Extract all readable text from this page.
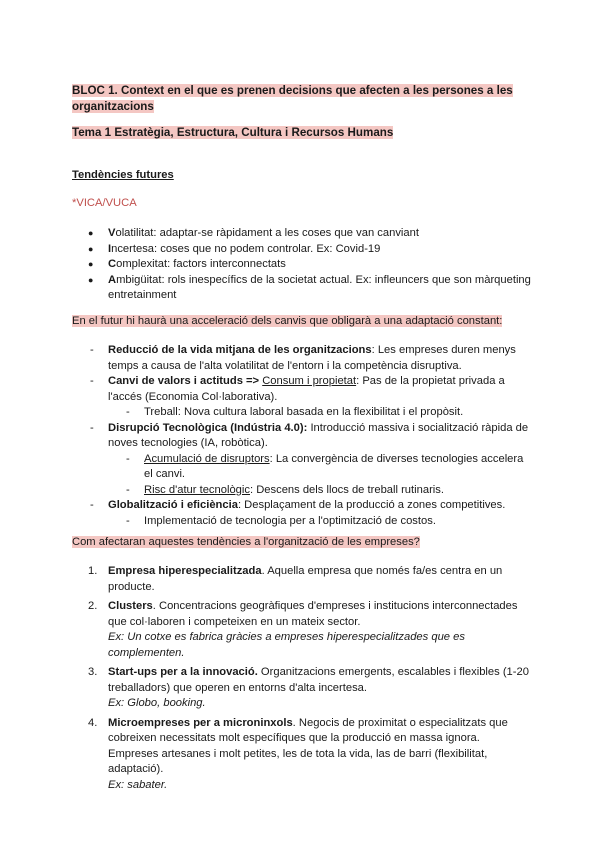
BLOC 1. Context en el que es prenen decisions que afecten a les persones a les
organitzacions
Tema 1 Estratègia, Estructura, Cultura i Recursos Humans
Tendències futures
*VICA/VUCA
● Volatilitat: adaptar-se ràpidament a les coses que van canviant
● Incertesa: coses que no podem controlar. Ex: Covid-19
● Complexitat: factors interconnectats
● Ambigüitat: rols inespecífics de la societat actual. Ex: infleuncers que son màrqueting entretainment
En el futur hi haurà una acceleració dels canvis que obligarà a una adaptació constant:
- Reducció de la vida mitjana de les organitzacions: Les empreses duren menys temps a causa de l'alta volatilitat de l'entorn i la competència disruptiva.
- Canvi de valors i actituds => Consum i propietat: Pas de la propietat privada a l'accés (Economia Col·laborativa).
- Treball: Nova cultura laboral basada en la flexibilitat i el propòsit.
- Disrupció Tecnològica (Indústria 4.0): Introducció massiva i socialització ràpida de noves tecnologies (IA, robòtica).
- Acumulació de disruptors: La convergència de diverses tecnologies accelera el canvi.
- Risc d'atur tecnològic: Descens dels llocs de treball rutinaris.
- Globalització i eficiència: Desplaçament de la producció a zones competitives.
- Implementació de tecnologia per a l'optimització de costos.
Com afectaran aquestes tendències a l'organització de les empreses?
1. Empresa hiperespecialitzada. Aquella empresa que només fa/es centra en un producte.
2. Clusters. Concentracions geogràfiques d'empreses i institucions interconnectades que col·laboren i competeixen en un mateix sector.
Ex: Un cotxe es fabrica gràcies a empreses hiperespecialitzades que es complementen.
3. Start-ups per a la innovació. Organitzacions emergents, escalables i flexibles (1-20 treballadors) que operen en entorns d'alta incertesa.
Ex: Globo, booking.
4. Microempreses per a microninxols. Negocis de proximitat o especialitzats que cobreixen necessitats molt específiques que la producció en massa ignora. Empreses artesanes i molt petites, les de tota la vida, las de barri (flexibilitat, adaptació).
Ex: sabater.
